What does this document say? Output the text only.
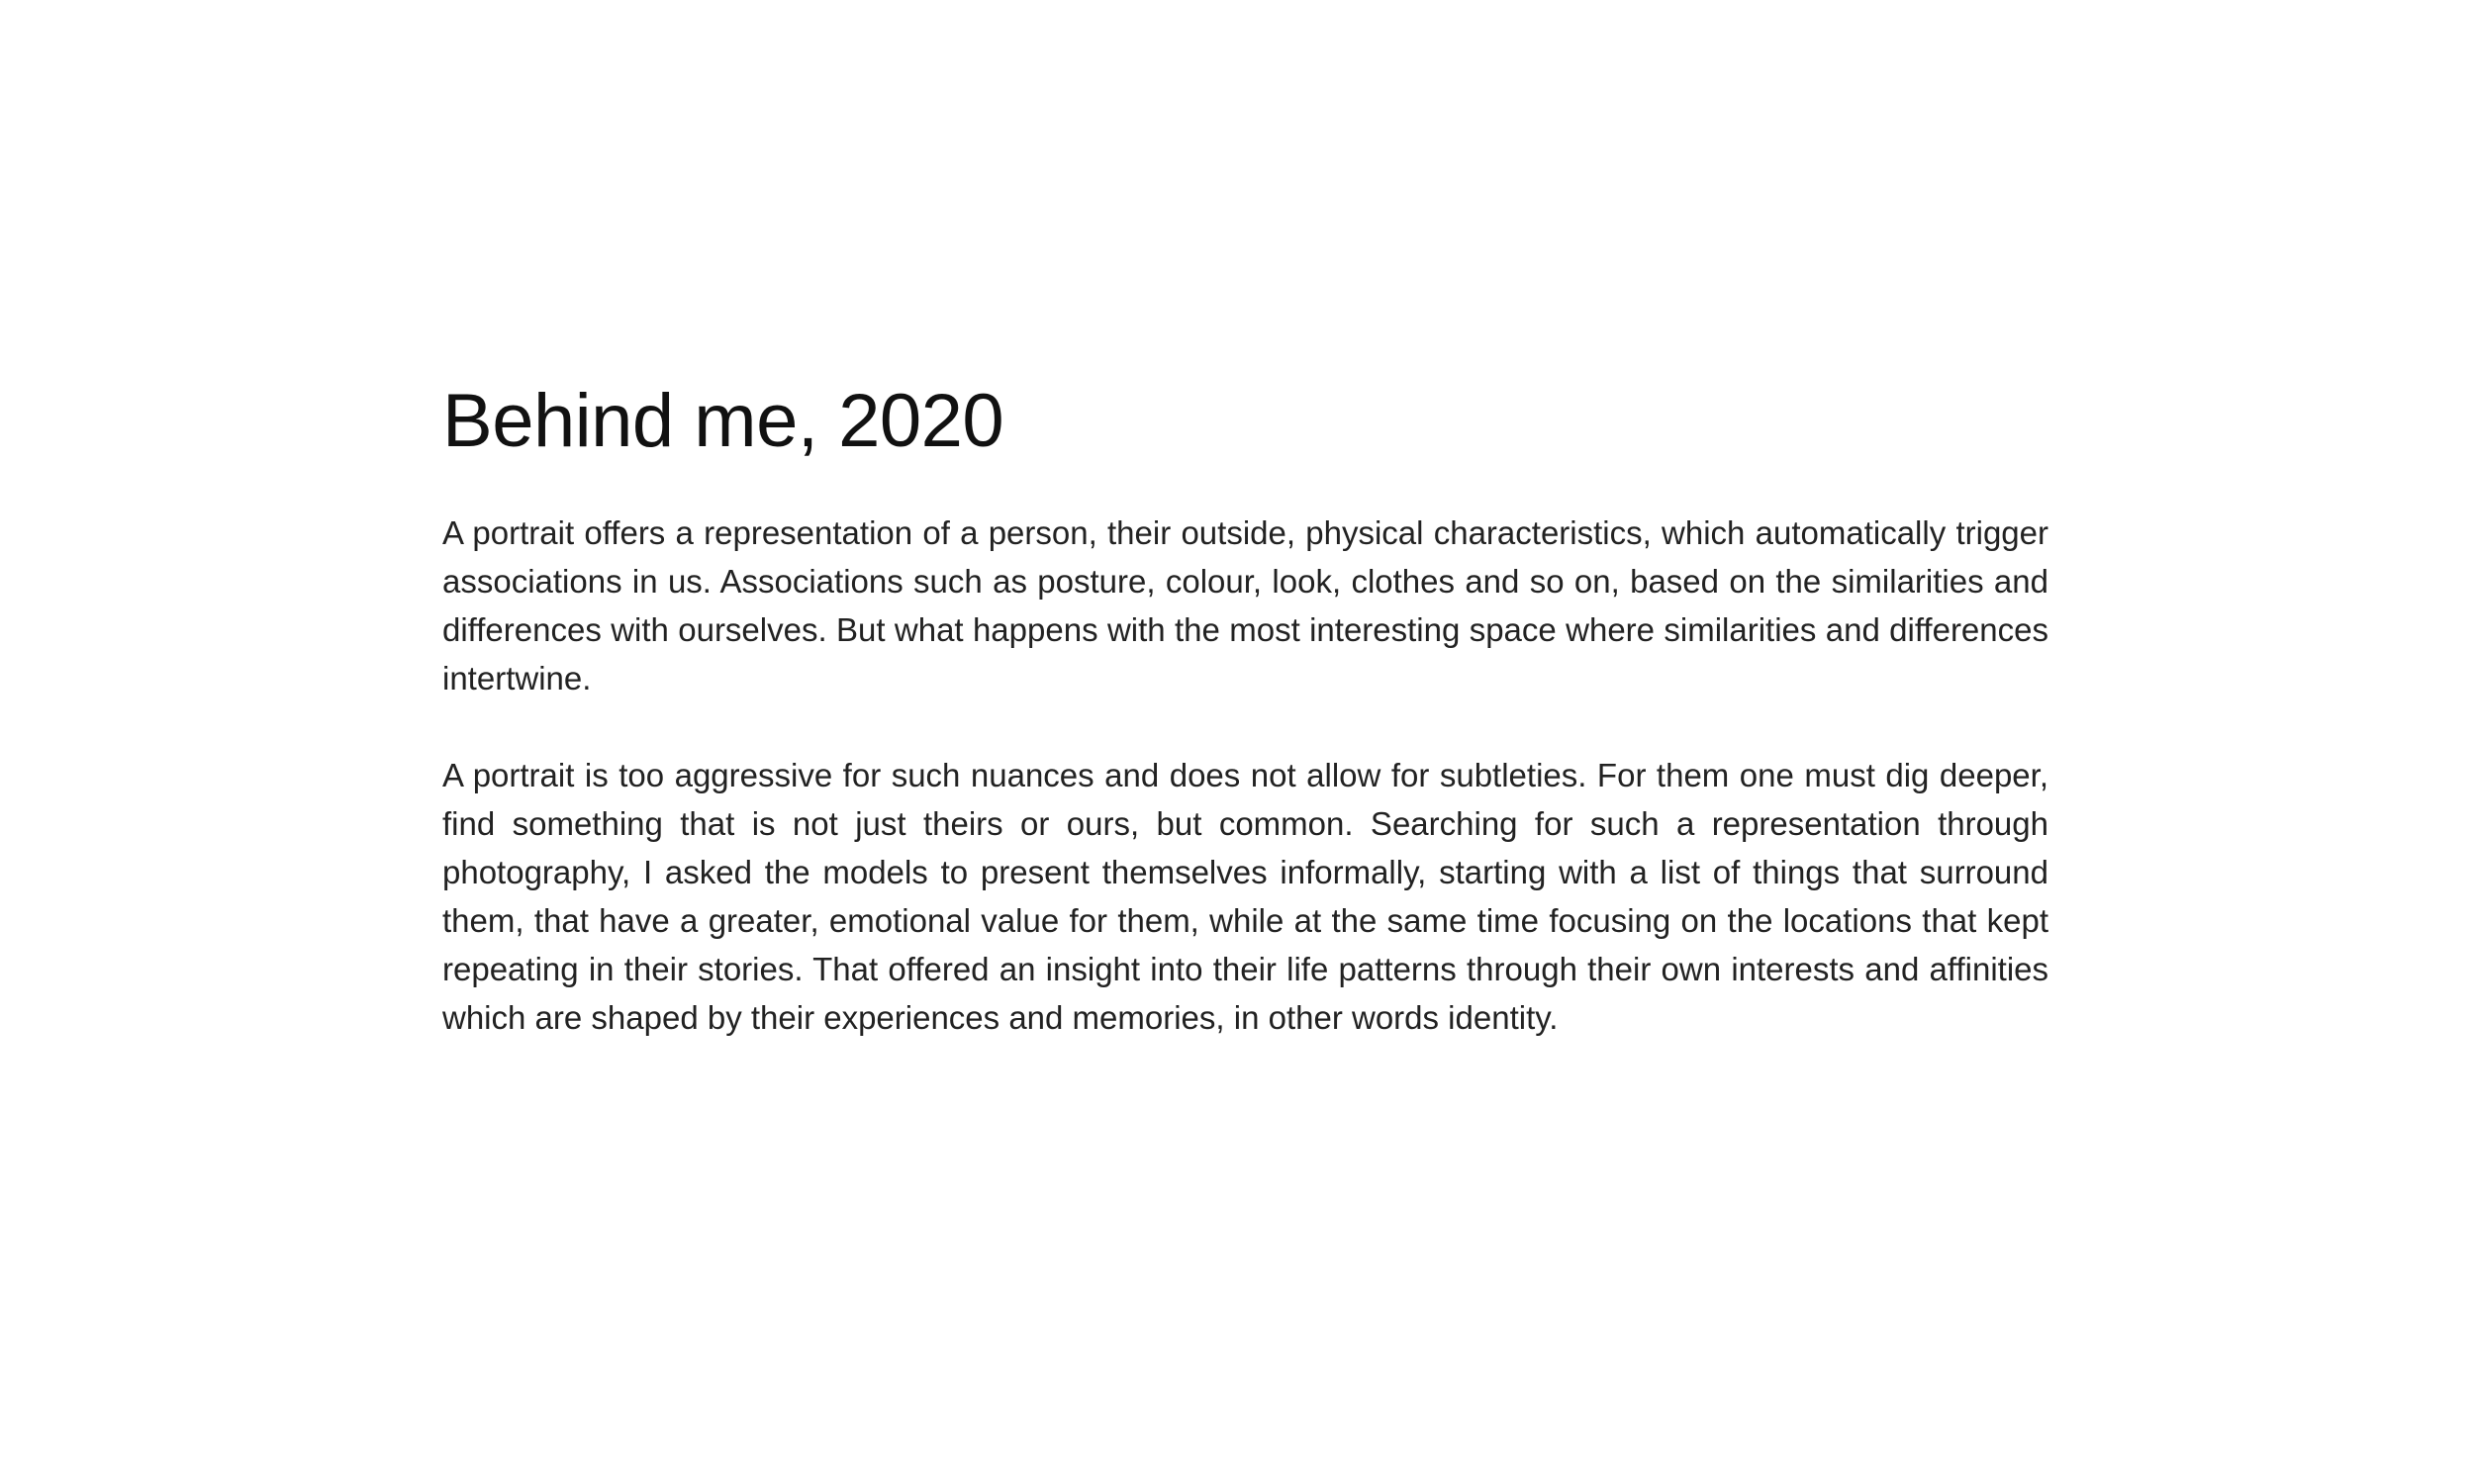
Behind me, 2020

A portrait offers a representation of a person, their outside, physical characteristics, which automatically trigger associations in us. Associations such as posture, colour, look, clothes and so on, based on the similarities and differences with ourselves. But what happens with the most interesting space where similarities and differences intertwine.

A portrait is too aggressive for such nuances and does not allow for subtleties. For them one must dig deeper, find something that is not just theirs or ours, but common. Searching for such a representation through photography, I asked the models to present themselves informally, starting with a list of things that surround them, that have a greater, emotional value for them, while at the same time focusing on the locations that kept repeating in their stories. That offered an insight into their life patterns through their own interests and affinities which are shaped by their experiences and memories, in other words identity.
